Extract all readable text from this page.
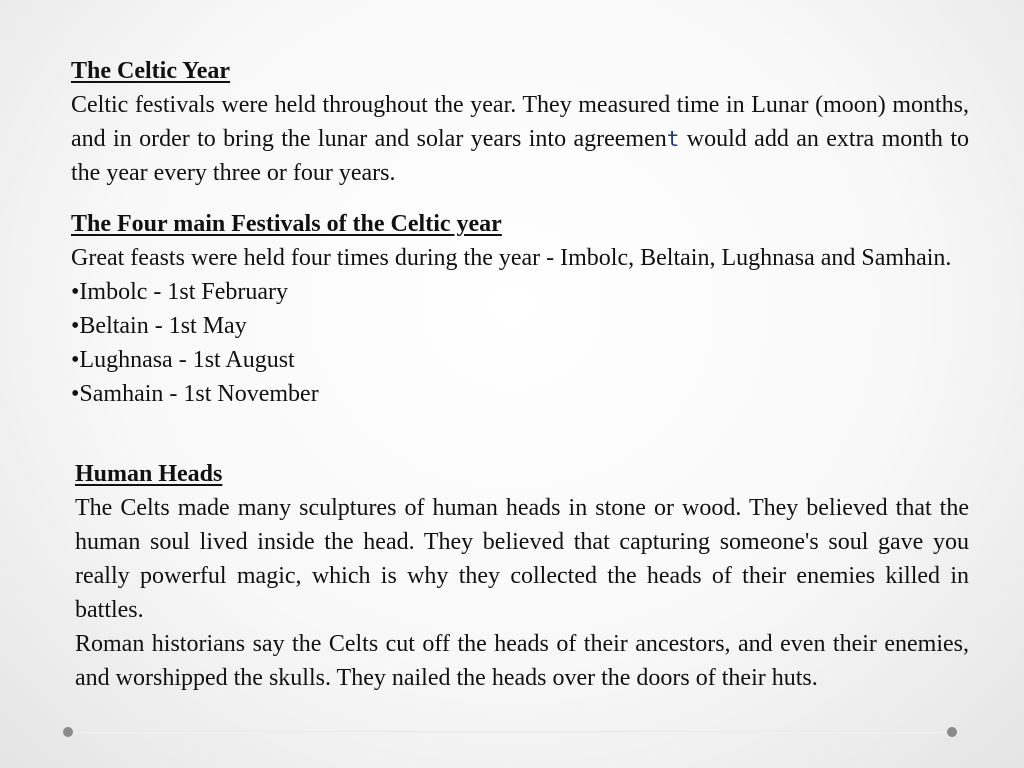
The Celtic Year

Celtic festivals were held throughout the year. They measured time in Lunar (moon) months, and in order to bring the lunar and solar years into agreement would add an extra month to the year every three or four years.

The Four main Festivals of the Celtic year

Great feasts were held four times during the year - Imbolc, Beltain, Lughnasa and Samhain.

•Imbolc - 1st February
•Beltain - 1st May
•Lughnasa - 1st August
•Samhain - 1st November
Human Heads

The Celts made many sculptures of human heads in stone or wood. They believed that the human soul lived inside the head. They believed that capturing someone's soul gave you really powerful magic, which is why they collected the heads of their enemies killed in battles.

Roman historians say the Celts cut off the heads of their ancestors, and even their enemies, and worshipped the skulls. They nailed the heads over the doors of their huts.
